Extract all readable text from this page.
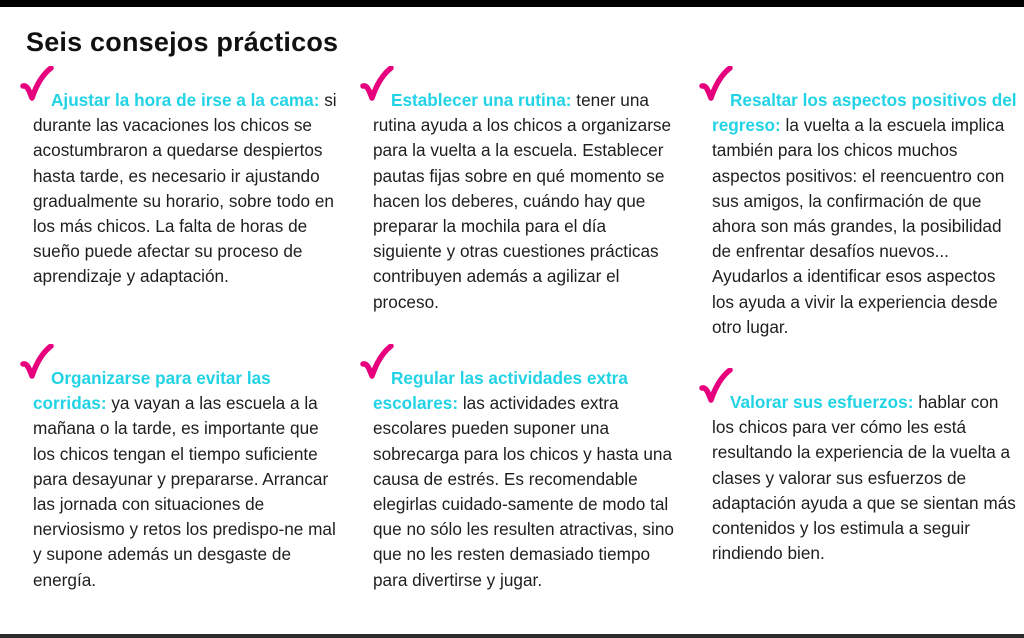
Seis consejos prácticos

Ajustar la hora de irse a la cama: si durante las vacaciones los chicos se acostumbraron a quedarse despiertos hasta tarde, es necesario ir ajustando gradualmente su horario, sobre todo en los más chicos. La falta de horas de sueño puede afectar su proceso de aprendizaje y adaptación.

Establecer una rutina: tener una rutina ayuda a los chicos a organizarse para la vuelta a la escuela. Establecer pautas fijas sobre en qué momento se hacen los deberes, cuándo hay que preparar la mochila para el día siguiente y otras cuestiones prácticas contribuyen además a agilizar el proceso.

Resaltar los aspectos positivos del regreso: la vuelta a la escuela implica también para los chicos muchos aspectos positivos: el reencuentro con sus amigos, la confirmación de que ahora son más grandes, la posibilidad de enfrentar desafíos nuevos... Ayudarlos a identificar esos aspectos los ayuda a vivir la experiencia desde otro lugar.

Organizarse para evitar las corridas: ya vayan a las escuela a la mañana o la tarde, es importante que los chicos tengan el tiempo suficiente para desayunar y prepararse. Arrancar las jornada con situaciones de nerviosismo y retos los predispo-ne mal y supone además un desgaste de energía.

Regular las actividades extra escolares: las actividades extra escolares pueden suponer una sobrecarga para los chicos y hasta una causa de estrés. Es recomendable elegirlas cuidado-samente de modo tal que no sólo les resulten atractivas, sino que no les resten demasiado tiempo para divertirse y jugar.

Valorar sus esfuerzos: hablar con los chicos para ver cómo les está resultando la experiencia de la vuelta a clases y valorar sus esfuerzos de adaptación ayuda a que se sientan más contenidos y los estimula a seguir rindiendo bien.
